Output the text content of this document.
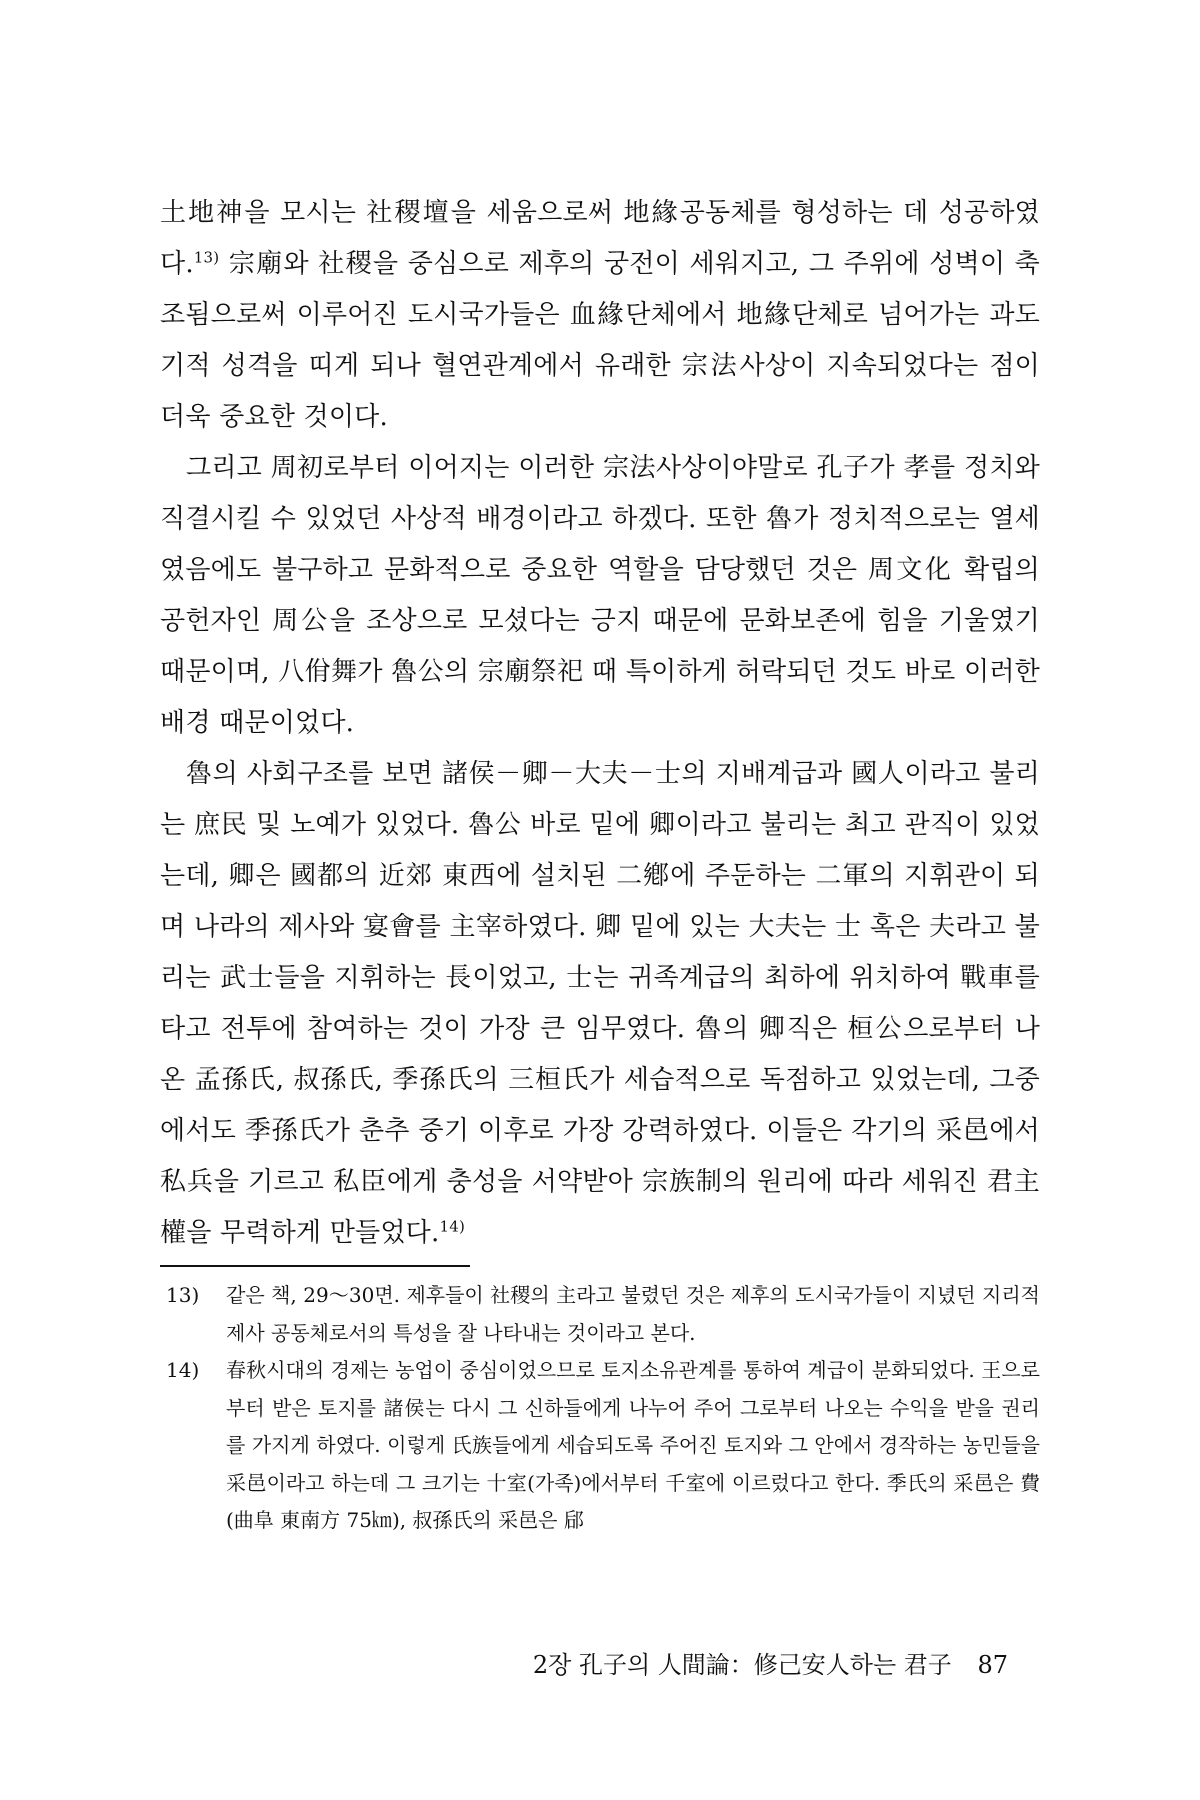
土地神을 모시는 社稷壇을 세움으로써 地緣공동체를 형성하는 데 성공하였다.$^{13)}$ 宗廟와 社稷을 중심으로 제후의 궁전이 세워지고, 그 주위에 성벽이 축조됨으로써 이루어진 도시국가들은 血緣단체에서 地緣단체로 넘어가는 과도기적 성격을 띠게 되나 혈연관계에서 유래한 宗法사상이 지속되었다는 점이 더욱 중요한 것이다.

그리고 周初로부터 이어지는 이러한 宗法사상이야말로 孔子가 孝를 정치와 직결시킬 수 있었던 사상적 배경이라고 하겠다. 또한 魯가 정치적으로는 열세였음에도 불구하고 문화적으로 중요한 역할을 담당했던 것은 周文化 확립의 공헌자인 周公을 조상으로 모셨다는 긍지 때문에 문화보존에 힘을 기울였기 때문이며, 八佾舞가 魯公의 宗廟祭祀 때 특이하게 허락되던 것도 바로 이러한 배경 때문이었다.

魯의 사회구조를 보면 諸侯－卿－大夫－士의 지배계급과 國人이라고 불리는 庶民 및 노예가 있었다. 魯公 바로 밑에 卿이라고 불리는 최고 관직이 있었는데, 卿은 國都의 近郊 東西에 설치된 二鄕에 주둔하는 二軍의 지휘관이 되며 나라의 제사와 宴會를 主宰하였다. 卿 밑에 있는 大夫는 士 혹은 夫라고 불리는 武士들을 지휘하는 長이었고, 士는 귀족계급의 최하에 위치하여 戰車를 타고 전투에 참여하는 것이 가장 큰 임무였다. 魯의 卿직은 桓公으로부터 나온 孟孫氏, 叔孫氏, 季孫氏의 三桓氏가 세습적으로 독점하고 있었는데, 그중에서도 季孫氏가 춘추 중기 이후로 가장 강력하였다. 이들은 각기의 采邑에서 私兵을 기르고 私臣에게 충성을 서약받아 宗族制의 원리에 따라 세워진 君主權을 무력하게 만들었다.$^{14)}$

13) 같은 책, 29～30면. 제후들이 社稷의 主라고 불렸던 것은 제후의 도시국가들이 지녔던 지리적 제사 공동체로서의 특성을 잘 나타내는 것이라고 본다.

14) 春秋시대의 경제는 농업이 중심이었으므로 토지소유관계를 통하여 계급이 분화되었다. 王으로부터 받은 토지를 諸侯는 다시 그 신하들에게 나누어 주어 그로부터 나오는 수익을 받을 권리를 가지게 하였다. 이렇게 氏族들에게 세습되도록 주어진 토지와 그 안에서 경작하는 농민들을 采邑이라고 하는데 그 크기는 十室(가족)에서부터 千室에 이르렀다고 한다. 季氏의 采邑은 費(曲阜 東南方 75㎞), 叔孫氏의 采邑은 郈

2장 孔子의 人間論：修己安人하는 君子 87
